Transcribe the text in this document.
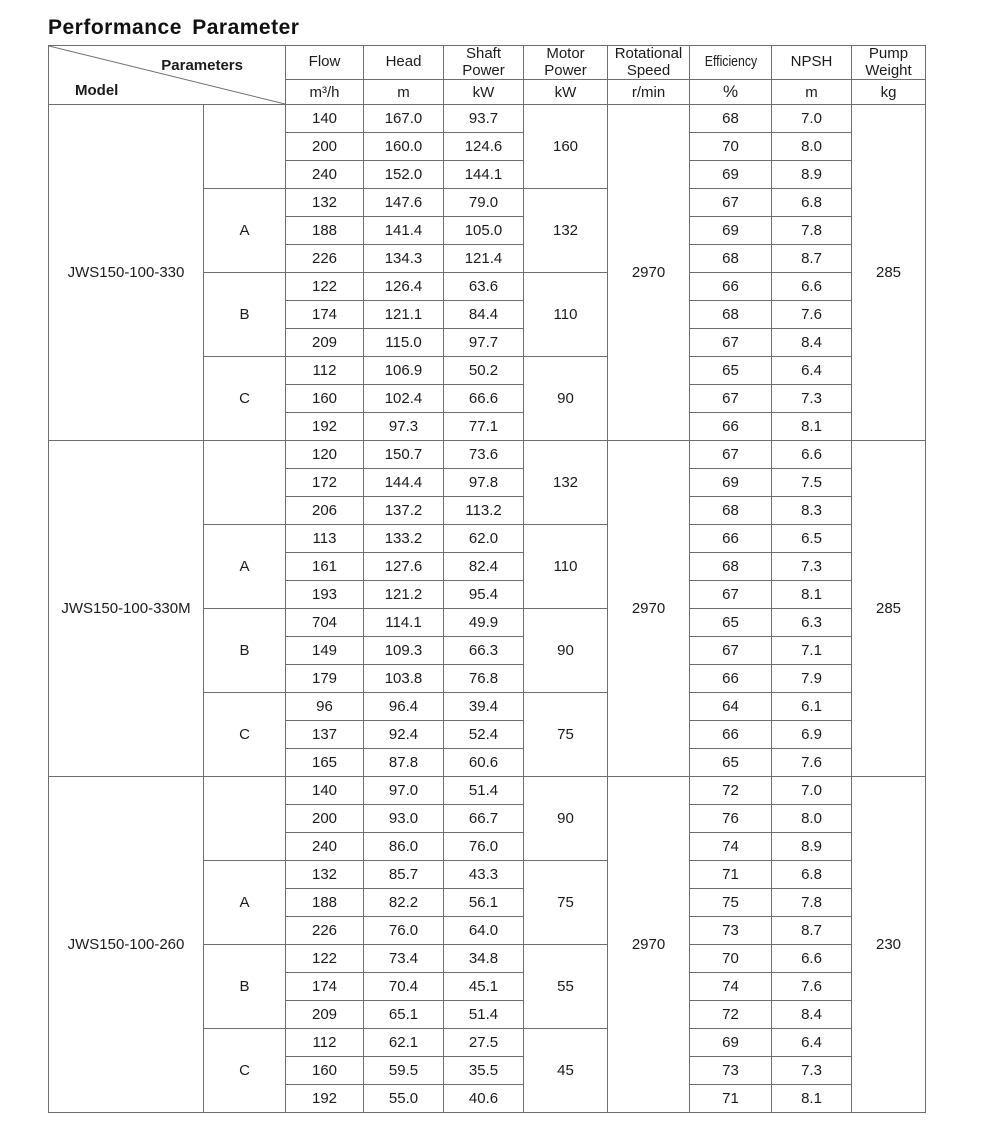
Performance Parameter
Parameters
Model		Flow	Head	Shaft Power	Motor Power	Rotational Speed	Efficiency	NPSH	Pump Weight
		m³/h	m	kW	kW	r/min	%	m	kg
JWS150-100-330		140	167.0	93.7	160	2970	68	7.0	285
		200	160.0	124.6			70	8.0	
		240	152.0	144.1			69	8.9	
	A	132	147.6	79.0	132		67	6.8	
		188	141.4	105.0			69	7.8	
		226	134.3	121.4			68	8.7	
	B	122	126.4	63.6	110		66	6.6	
		174	121.1	84.4			68	7.6	
		209	115.0	97.7			67	8.4	
	C	112	106.9	50.2	90		65	6.4	
		160	102.4	66.6			67	7.3	
		192	97.3	77.1			66	8.1	
JWS150-100-330M		120	150.7	73.6	132	2970	67	6.6	285
		172	144.4	97.8			69	7.5	
		206	137.2	113.2			68	8.3	
	A	113	133.2	62.0	110		66	6.5	
		161	127.6	82.4			68	7.3	
		193	121.2	95.4			67	8.1	
	B	704	114.1	49.9	90		65	6.3	
		149	109.3	66.3			67	7.1	
		179	103.8	76.8			66	7.9	
	C	96	96.4	39.4	75		64	6.1	
		137	92.4	52.4			66	6.9	
		165	87.8	60.6			65	7.6	
JWS150-100-260		140	97.0	51.4	90	2970	72	7.0	230
		200	93.0	66.7			76	8.0	
		240	86.0	76.0			74	8.9	
	A	132	85.7	43.3	75		71	6.8	
		188	82.2	56.1			75	7.8	
		226	76.0	64.0			73	8.7	
	B	122	73.4	34.8	55		70	6.6	
		174	70.4	45.1			74	7.6	
		209	65.1	51.4			72	8.4	
	C	112	62.1	27.5	45		69	6.4	
		160	59.5	35.5			73	7.3	
		192	55.0	40.6			71	8.1	
